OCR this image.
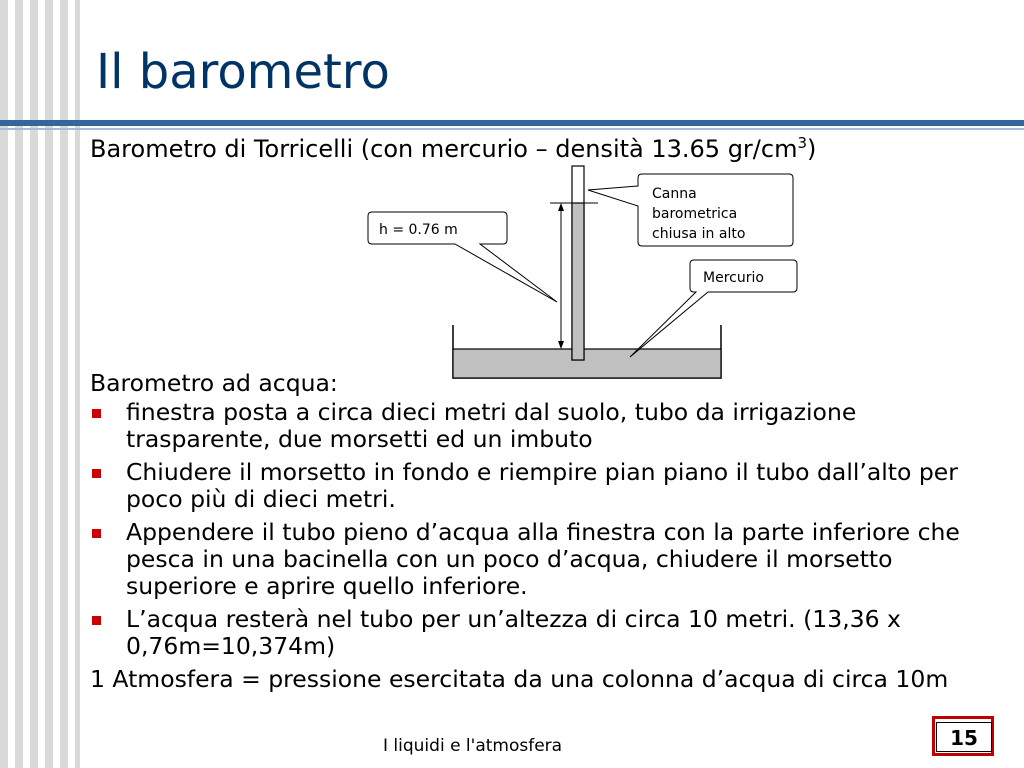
Il barometro
Barometro di Torricelli (con mercurio – densità 13.65 $gr/cm^3$)
h = 0.76 m
Canna
barometrica
chiusa in alto
Mercurio

Barometro ad acqua:

finestra posta a circa dieci metri dal suolo, tubo da irrigazione trasparente, due morsetti ed un imbuto
Chiudere il morsetto in fondo e riempire pian piano il tubo dall’alto per poco più di dieci metri.
Appendere il tubo pieno d’acqua alla finestra con la parte inferiore che pesca in una bacinella con un poco d’acqua, chiudere il morsetto superiore e aprire quello inferiore.
L’acqua resterà nel tubo per un’altezza di circa 10 metri. (13,36 x 0,76m=10,374m)

1 Atmosfera = pressione esercitata da una colonna d’acqua di circa 10m

I liquidi e l'atmosfera	15
